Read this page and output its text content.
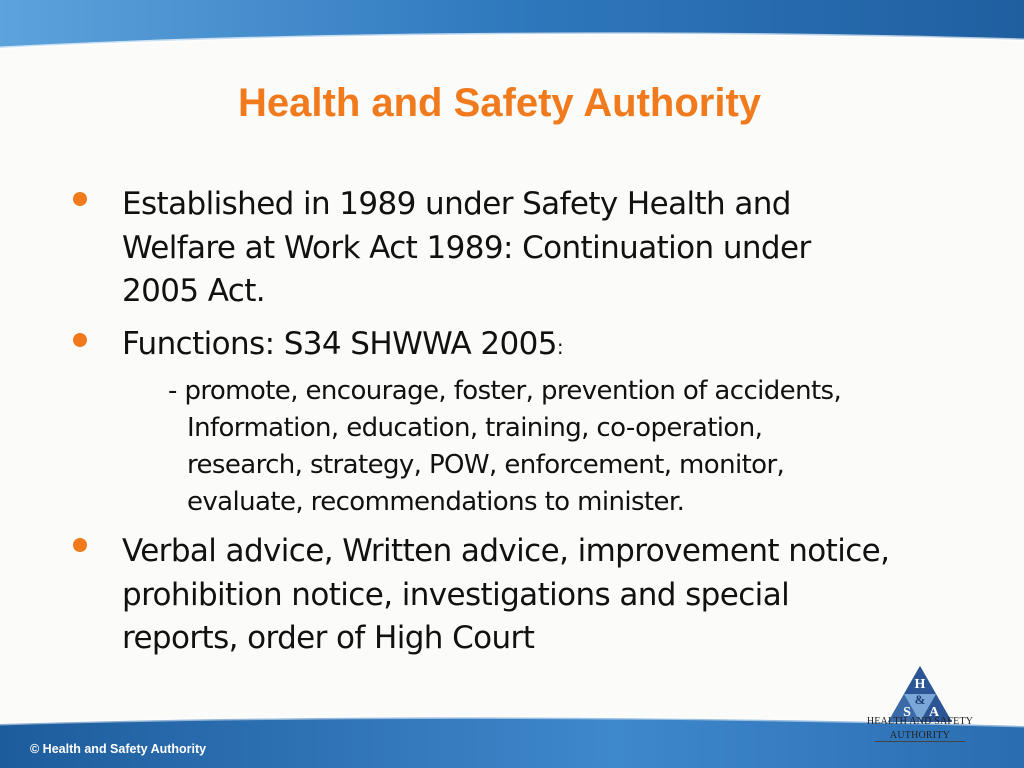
Health and Safety Authority
Established in 1989 under Safety Health and
Welfare at Work Act 1989: Continuation under
2005 Act.
Functions: S34 SHWWA 2005:
- promote, encourage, foster, prevention of accidents,
Information, education, training, co-operation,
research, strategy, POW, enforcement, monitor,
evaluate, recommendations to minister.
Verbal advice, Written advice, improvement notice,
prohibition notice, investigations and special
reports, order of High Court
© Health and Safety Authority
H
&
S A
HEALTH AND SAFETY
AUTHORITY
